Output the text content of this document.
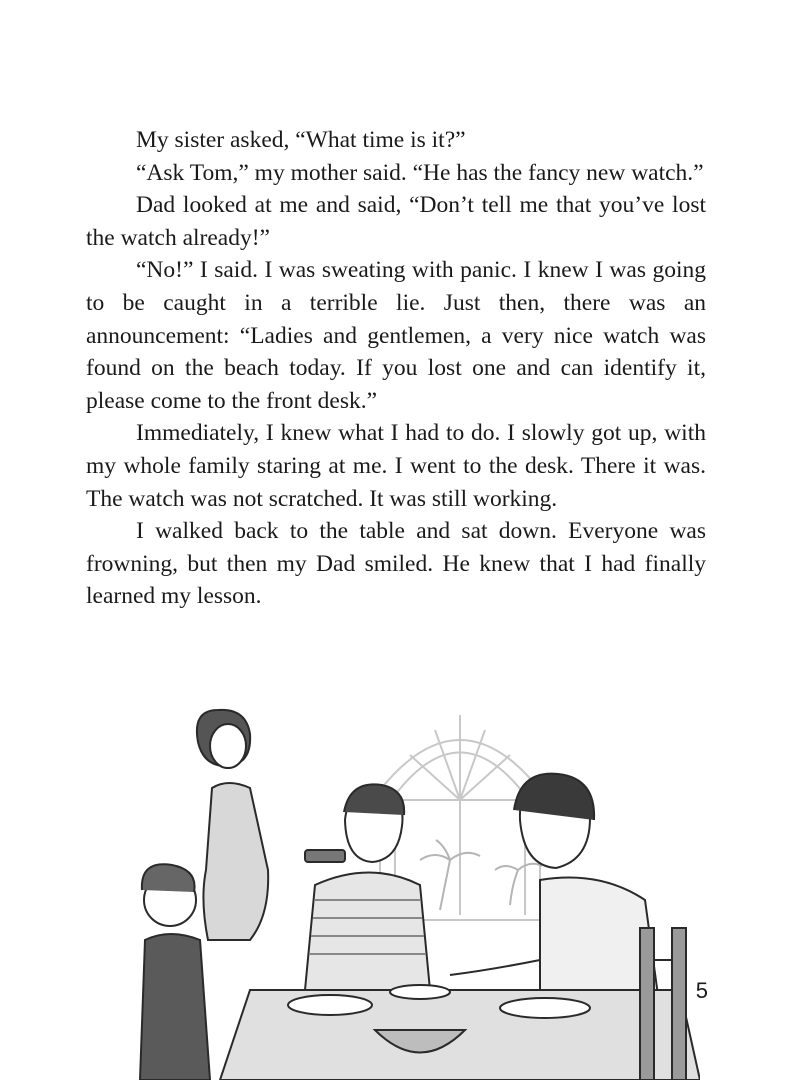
My sister asked, “What time is it?”

“Ask Tom,” my mother said. “He has the fancy new watch.”

Dad looked at me and said, “Don’t tell me that you’ve lost the watch already!”

“No!” I said. I was sweating with panic. I knew I was going to be caught in a terrible lie. Just then, there was an announcement: “Ladies and gentlemen, a very nice watch was found on the beach today. If you lost one and can identify it, please come to the front desk.”

Immediately, I knew what I had to do. I slowly got up, with my whole family staring at me. I went to the desk. There it was. The watch was not scratched. It was still working.

I walked back to the table and sat down. Everyone was frowning, but then my Dad smiled. He knew that I had finally learned my lesson.

5
